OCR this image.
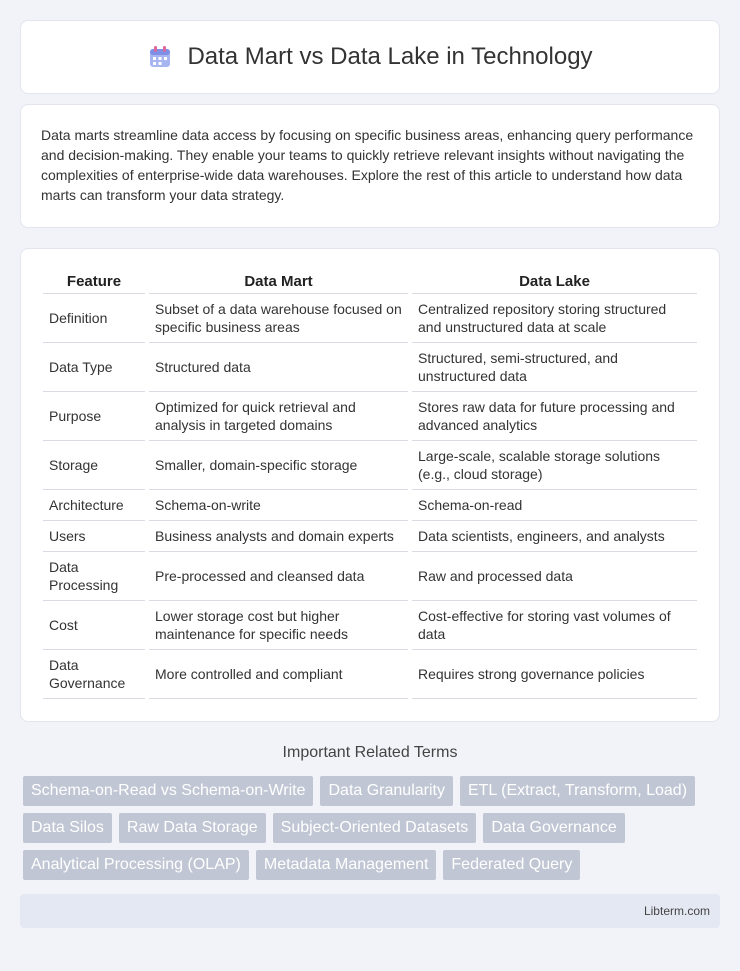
Data Mart vs Data Lake in Technology

Data marts streamline data access by focusing on specific business areas, enhancing query performance and decision-making. They enable your teams to quickly retrieve relevant insights without navigating the complexities of enterprise-wide data warehouses. Explore the rest of this article to understand how data marts can transform your data strategy.

Feature	Data Mart	Data Lake
Definition	Subset of a data warehouse focused on specific business areas	Centralized repository storing structured and unstructured data at scale
Data Type	Structured data	Structured, semi-structured, and unstructured data
Purpose	Optimized for quick retrieval and analysis in targeted domains	Stores raw data for future processing and advanced analytics
Storage	Smaller, domain-specific storage	Large-scale, scalable storage solutions (e.g., cloud storage)
Architecture	Schema-on-write	Schema-on-read
Users	Business analysts and domain experts	Data scientists, engineers, and analysts
Data Processing	Pre-processed and cleansed data	Raw and processed data
Cost	Lower storage cost but higher maintenance for specific needs	Cost-effective for storing vast volumes of data
Data Governance	More controlled and compliant	Requires strong governance policies
Important Related Terms
Schema-on-Read vs Schema-on-Write	Data Granularity	ETL (Extract, Transform, Load)
Data Silos	Raw Data Storage	Subject-Oriented Datasets	Data Governance
Analytical Processing (OLAP)	Metadata Management	Federated Query
Libterm.com
